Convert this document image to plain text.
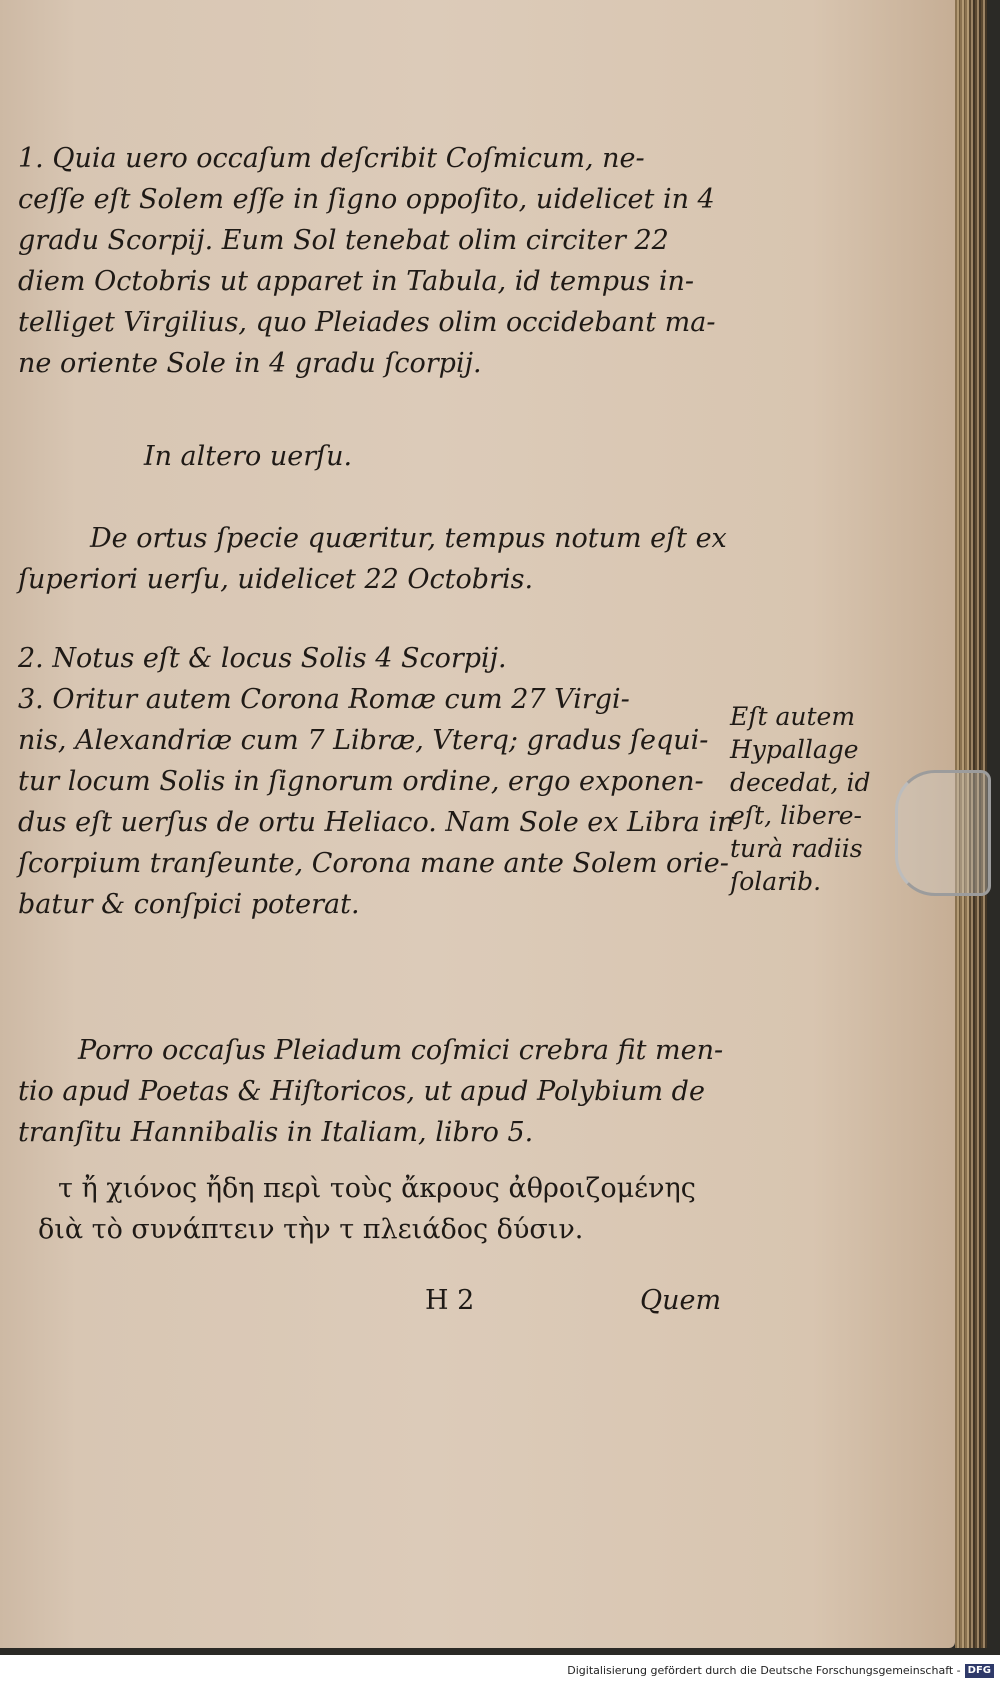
1. Quia uero occaſum deſcribit Coſmicum, ne-
ceſſe eſt Solem eſſe in ſigno oppoſito, uidelicet in 4
gradu Scorpij. Eum Sol tenebat olim circiter 22
diem Octobris ut apparet in Tabula, id tempus in-
telliget Virgilius, quo Pleiades olim occidebant ma-
ne oriente Sole in 4 gradu ſcorpij.
In altero uerſu.
De ortus ſpecie quæritur, tempus notum eſt ex
ſuperiori uerſu, uidelicet 22 Octobris.
2. Notus eſt & locus Solis 4 Scorpij.
3. Oritur autem Corona Romæ cum 27 Virgi-
nis, Alexandriæ cum 7 Libræ, Vterq; gradus ſequi-
tur locum Solis in ſignorum ordine, ergo exponen-
dus eſt uerſus de ortu Heliaco. Nam Sole ex Libra in
ſcorpium tranſeunte, Corona mane ante Solem orie-
batur & conſpici poterat.
Eſt autem
Hypallage
decedat, id
eſt, libere-
turà radiis
ſolarib.
Porro occaſus Pleiadum coſmici crebra fit men-
tio apud Poetas & Hiſtoricos, ut apud Polybium de
tranſitu Hannibalis in Italiam, libro 5.
τ ἤ χιόνος ἤδη περὶ τοὺς ἄκρους ἀθροιζομένης
διὰ τὸ συνάπτειν τὴν τ πλειάδος δύσιν.
H 2	Quem
Digitalisierung gefördert durch die Deutsche Forschungsgemeinschaft - DFG
